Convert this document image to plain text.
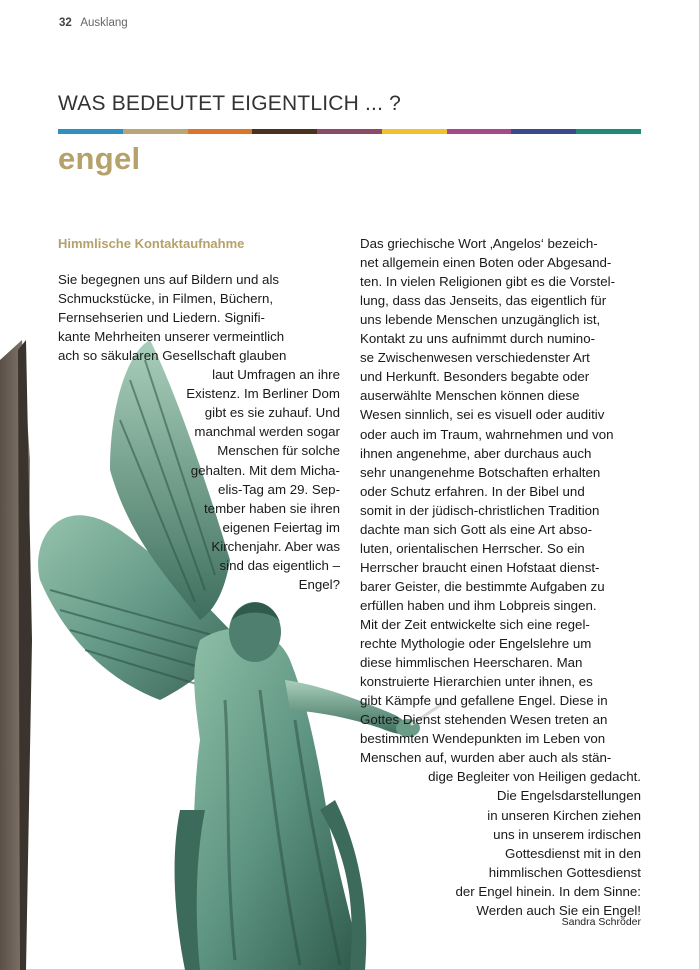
32 Ausklang
WAS BEDEUTET EIGENTLICH ... ?
engel
Himmlische Kontaktaufnahme
Sie begegnen uns auf Bildern und als
Schmuckstücke, in Filmen, Büchern,
Fernsehserien und Liedern. Signifi-
kante Mehrheiten unserer vermeintlich
ach so säkularen Gesellschaft glauben
laut Umfragen an ihre
Existenz. Im Berliner Dom
gibt es sie zuhauf. Und
manchmal werden sogar
Menschen für solche
gehalten. Mit dem Micha-
elis-Tag am 29. Sep-
tember haben sie ihren
eigenen Feiertag im
Kirchenjahr. Aber was
sind das eigentlich –
Engel?
Das griechische Wort ‚Angelos‘ bezeich-
net allgemein einen Boten oder Abgesand-
ten. In vielen Religionen gibt es die Vorstel-
lung, dass das Jenseits, das eigentlich für
uns lebende Menschen unzugänglich ist,
Kontakt zu uns aufnimmt durch numino-
se Zwischenwesen verschiedenster Art
und Herkunft. Besonders begabte oder
auserwählte Menschen können diese
Wesen sinnlich, sei es visuell oder auditiv
oder auch im Traum, wahrnehmen und von
ihnen angenehme, aber durchaus auch
sehr unangenehme Botschaften erhalten
oder Schutz erfahren. In der Bibel und
somit in der jüdisch-christlichen Tradition
dachte man sich Gott als eine Art abso-
luten, orientalischen Herrscher. So ein
Herrscher braucht einen Hofstaat dienst-
barer Geister, die bestimmte Aufgaben zu
erfüllen haben und ihm Lobpreis singen.
Mit der Zeit entwickelte sich eine regel-
rechte Mythologie oder Engelslehre um
diese himmlischen Heerscharen. Man
konstruierte Hierarchien unter ihnen, es
gibt Kämpfe und gefallene Engel. Diese in
Gottes Dienst stehenden Wesen treten an
bestimmten Wendepunkten im Leben von
Menschen auf, wurden aber auch als stän-
dige Begleiter von Heiligen gedacht.
Die Engelsdarstellungen
in unseren Kirchen ziehen
uns in unserem irdischen
Gottesdienst mit in den
himmlischen Gottesdienst
der Engel hinein. In dem Sinne:
Werden auch Sie ein Engel!
Sandra Schröder
